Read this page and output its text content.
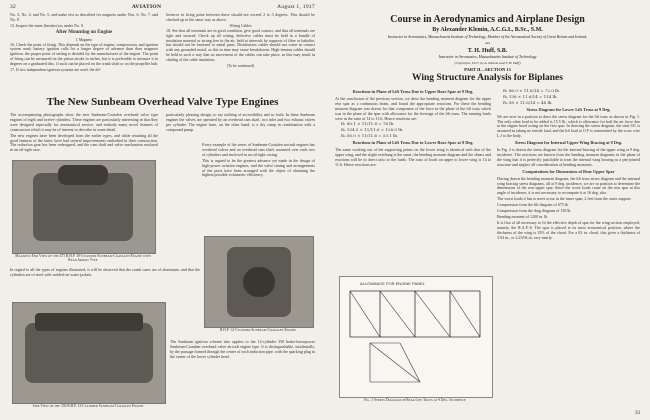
32	AVIATION	August 1, 1917

No. 3, No. 4, and No. 5, and make test as described for magneto under Nos. 6, No. 7, and No. 8.

13. Inspect the timer (breaker) as under No. 9.

After Mounting on Engine
I. Magneto

16. Check the point of firing. This depends on the type of engine, compression, and ignition system used; battery ignition calls for a longer degree of advance than does magneto ignition; the proper point of setting is decided by the manufacturer of the engine. The point of firing can be measured on the piston stroke in inches, but it is preferable to measure it in degrees on a graduated disc, if such can be placed on the crank shaft or on the propeller hub.

17. If two independent ignition systems are used, the dif-

ferences in firing point between these should not exceed 2 to 3 degrees. This should be checked up in the same way as above.

Wiring Cables

18. See that all terminals are in good condition, give good contact, and that all terminals are tight and secured. Check up all wiring; defective cables must be held in a bundle of insulation material or strung free in the air, held at intervals by supports of fibre or bakelite, but should not be fastened to metal parts. Distribution cables should not come in contact with any grounded metal, as this in time may cause breakdowns. High-tension cables should be held in such a way that no movement of the cables can take place, as this may result in chafing of the cable insulation.

(To be continued)
The New Sunbeam Overhead Valve Type Engines

The accompanying photographs show the new Sunbeam-Coatalen overhead valve type engines of eight and twelve cylinders. These engines are particularly interesting in that they were designed especially for aeronautical service, and embody many novel features of construction which it may be of interest to describe in some detail.

The new engines have been developed from the earlier types, and while retaining all the good features of the latter, have had several improvements embodied in their construction. The reduction gear has been redesigned, and the cam shaft and valve mechanism enclosed in an oil-tight case.

particularly pleasing design, to say nothing of accessibility and so forth. In these Sunbeam engines the valves are operated by an overhead cam shaft, two inlet and two exhaust valves per cylinder. The engine base, on the other hand, is a dry sump in combination with a compound pump.

Magneto End View of the 475 B.H.P. 18-Cylinder Sunbeam-Coatalen Engine with Rear Arrow Type

Every example of the series of Sunbeam-Coatalen aircraft engines has overhead valves and an overhead cam shaft, mounted over each row of cylinders and enclosed in an oil-tight casing.

This is argued to be the greatest advance yet made in the design of high-power aviation engines, and the valve timing and arrangements of the ports have been arranged with the object of obtaining the highest possible volumetric efficiency.

B.H.P. 12-Cylinder Sunbeam-Coatalen Engine

In regard to all the types of engines illustrated, it will be observed that the crank cases are of aluminum, and that the cylinders are of steel with welded-on water jackets.

Side View of the 350 B.H.P. 12-Cylinder Sunbeam-Coatalen Engine

The Sunbeam ignition scheme also applies to the 12-cylinder 350 brake-horsepower Sunbeam-Coatalen overhead valve aircraft engine type. It is distinguishable, incidentally, by the passage formed through the center of each induction pipe, with the sparking plug in the center of the lower cylinder head.

Course in Aerodynamics and Airplane Design
By Alexander Klemin, A.C.G.I., B.Sc., S.M.
Instructor in Aeronautics, Massachusetts Institute of Technology, Member of the Aeronautical Society of Great Britain and Ireland,
and
T. H. Huff, S.B.
Instructor in Aeronautics, Massachusetts Institute of Technology
(Copyright, 1917, by A. Klemin and T. H. Huff)
PART II—SECTION 13
Wing Structure Analysis for Biplanes
Reactions in Plane of Lift Truss Due to Upper Rear Spar at 9 Deg.

At the conclusion of the previous section, we drew the bending moment diagram for the upper rear spar as a continuous beam, and found the appropriate reactions. For these the bending moment diagram was drawn for that component of the force in the plane of the lift truss which was in the plane of the spar with allowance for the leverage of the lift truss. The running loads were in the ratio of 14 to 11.6. Hence reactions are:

R₁ 80.1 × 11/11.6 = 76 lb.
R₂ 134.5 × 11/11.6 = 128.0 lb.
R₃ 56.0 × 11/11.6 = 53.1 lb.
Reactions in Plane of Lift Truss Due to Lower Rear Spar at 9 Deg.

The same working out of the supporting points on the lower wing is identical with that of the upper wing, and the slight overhang is the same, the bending moment diagram and the shears and reactions will be in direct ratio to the loads. The ratio of loads on upper to lower wing is 14 to 11.6. Hence reactions are:

ALLOWANCE FOR ENGINE PANEL
Fig. 1 Stress Diagram of Rear Lift Truss at 9 Deg. Incidence
R₁ 86.9 × 11.6/14 = 72.0 lb.
R₂ 138 × 11.6/14 = 114 lb.
R₃ 58 × 11.6/14 = 48 lb.
Stress Diagram for Lower Lift Truss at 9 Deg.

We are now in a position to draw the stress diagram for the lift truss as shown in Fig. 1. The only other load to be added is 15.5 lb., which is allowance for half the air force due to the engine hood acting on the first spar. In drawing the stress diagram, the strut OC is assumed as taking no tensile load, and the lift load at O F is transmitted by the cross wire L J to the body.

Stress Diagram for Internal Upper Wing Bracing at 9 Deg.

In Fig. 2 is drawn the stress diagram for the internal bracing of the upper wing at 9 deg. incidence. The reactions are known from the bending moment diagrams in the plane of the wing that it is perfectly justifiable to treat the internal wing bracing as a pin-jointed structure and neglect all consideration of bending moments.

Computations for Dimensions of Rear Upper Spar

Having drawn the bending moment diagram, the lift truss stress diagram and the internal wing bracing stress diagrams, all at 9 deg. incidence, we are in position to determine the dimensions of the rear upper spar. Since the worst loads come on the rear spar at this angle of incidence, it is not necessary to recompute it at 16 deg. also.

The worst loads it has to meet occur in the inner span, 2 feet from the outer support:

Compression from the lift diagram of 675 lb.

Compression from the drag diagram of 130 lb.

Bending moment of 1200 in. lb.

It is first of all necessary to fit the effective depth of spar for the wing section employed, namely, the R.A.F.-6. The spar is placed at its most economical position, where the thickness of the wing is 35% of the chord. For a 63 in. chord, this gives a thickness of 3.94 in., or 2.23/94 in. very nearly.

33
